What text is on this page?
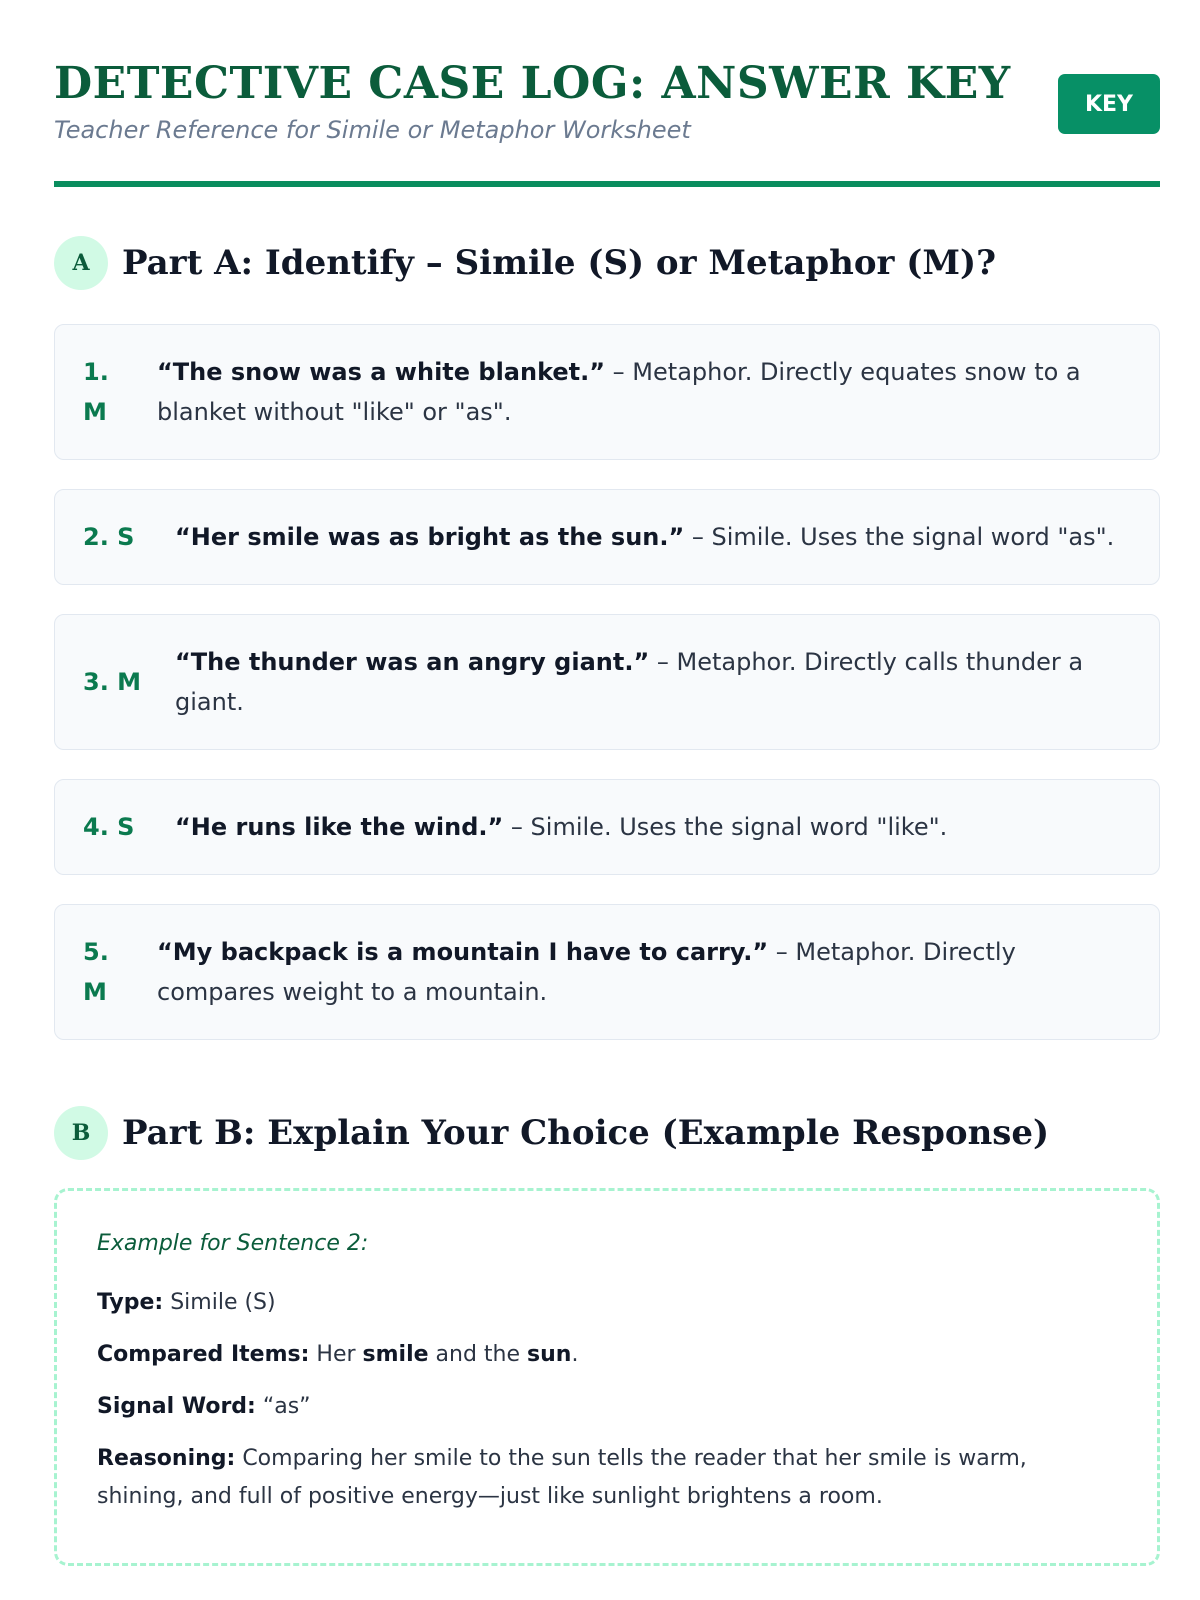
DETECTIVE CASE LOG: ANSWER KEY
Teacher Reference for Simile or Metaphor Worksheet
KEY
A Part A: Identify – Simile (S) or Metaphor (M)?
1. M
“The snow was a white blanket.” – Metaphor. Directly equates snow to a blanket without "like" or "as".
2. S	“Her smile was as bright as the sun.” – Simile. Uses the signal word "as".
3. M
“The thunder was an angry giant.” – Metaphor. Directly calls thunder a giant.
4. S	“He runs like the wind.” – Simile. Uses the signal word "like".
5. M
“My backpack is a mountain I have to carry.” – Metaphor. Directly compares weight to a mountain.
B Part B: Explain Your Choice (Example Response)
Example for Sentence 2:
Type: Simile (S)
Compared Items: Her smile and the sun.
Signal Word: “as”
Reasoning: Comparing her smile to the sun tells the reader that her smile is warm, shining, and full of positive energy—just like sunlight brightens a room.
